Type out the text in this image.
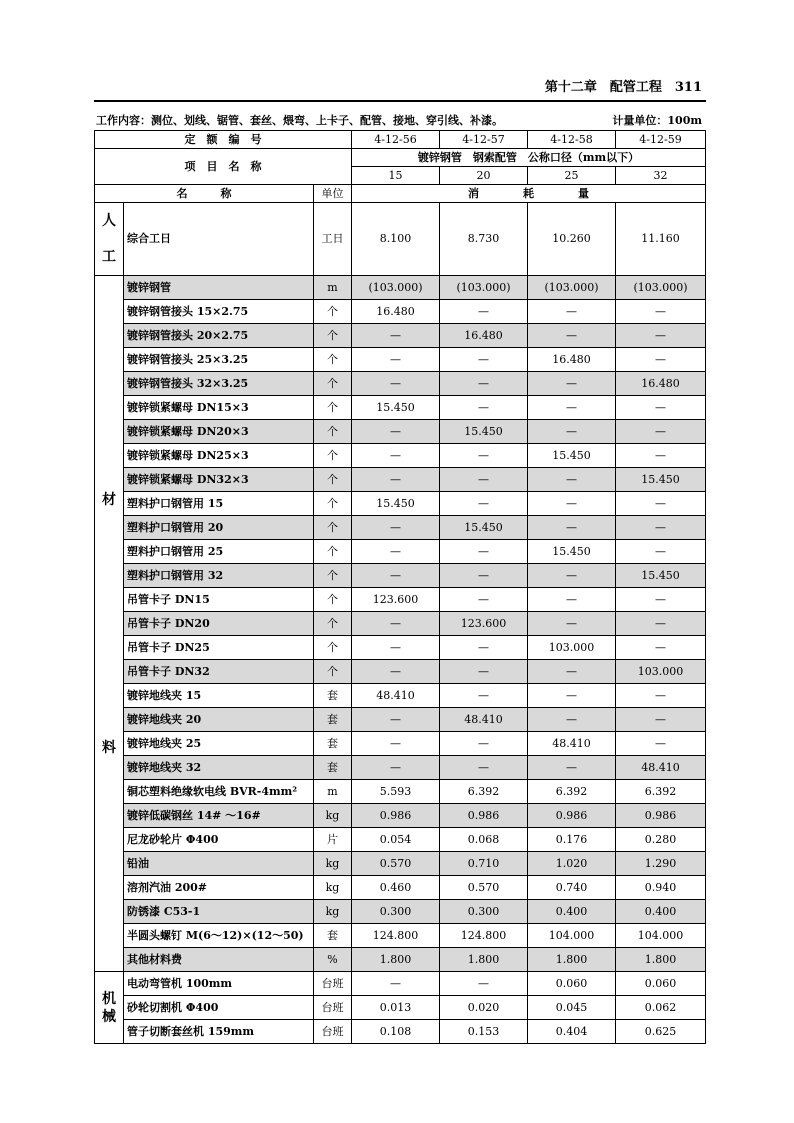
第十二章　配管工程　311
工作内容：测位、划线、锯管、套丝、煨弯、上卡子、配管、接地、穿引线、补漆。	计量单位：100m
定　额　编　号			4-12-56	4-12-57	4-12-58	4-12-59
项　目　名　称			镀锌钢管　钢索配管　公称口径（mm以下）			
			15	20	25	32
名　　　称		单位	消　　　　耗　　　　量			
人工	综合工日	工日	8.100	8.730	10.260	11.160

材
料	镀锌钢管	m	(103.000)	(103.000)	(103.000)	(103.000)
	镀锌钢管接头 15×2.75	个	16.480	—	—	—
	镀锌钢管接头 20×2.75	个	—	16.480	—	—
	镀锌钢管接头 25×3.25	个	—	—	16.480	—
	镀锌钢管接头 32×3.25	个	—	—	—	16.480
	镀锌锁紧螺母 DN15×3	个	15.450	—	—	—
	镀锌锁紧螺母 DN20×3	个	—	15.450	—	—
	镀锌锁紧螺母 DN25×3	个	—	—	15.450	—
	镀锌锁紧螺母 DN32×3	个	—	—	—	15.450
	塑料护口钢管用 15	个	15.450	—	—	—
	塑料护口钢管用 20	个	—	15.450	—	—
	塑料护口钢管用 25	个	—	—	15.450	—
	塑料护口钢管用 32	个	—	—	—	15.450
	吊管卡子 DN15	个	123.600	—	—	—
	吊管卡子 DN20	个	—	123.600	—	—
	吊管卡子 DN25	个	—	—	103.000	—
	吊管卡子 DN32	个	—	—	—	103.000
	镀锌地线夹 15	套	48.410	—	—	—
	镀锌地线夹 20	套	—	48.410	—	—
	镀锌地线夹 25	套	—	—	48.410	—
	镀锌地线夹 32	套	—	—	—	48.410
	铜芯塑料绝缘软电线 BVR-4mm²	m	5.593	6.392	6.392	6.392
	镀锌低碳钢丝 14# ～16#	kg	0.986	0.986	0.986	0.986
	尼龙砂轮片 Φ400	片	0.054	0.068	0.176	0.280
	铅油	kg	0.570	0.710	1.020	1.290
	溶剂汽油 200#	kg	0.460	0.570	0.740	0.940
	防锈漆 C53-1	kg	0.300	0.300	0.400	0.400
	半圆头螺钉 M(6～12)×(12～50)	套	124.800	124.800	104.000	104.000
	其他材料费	%	1.800	1.800	1.800	1.800
机械	电动弯管机 100mm	台班	—	—	0.060	0.060
	砂轮切割机 Φ400	台班	0.013	0.020	0.045	0.062
	管子切断套丝机 159mm	台班	0.108	0.153	0.404	0.625
